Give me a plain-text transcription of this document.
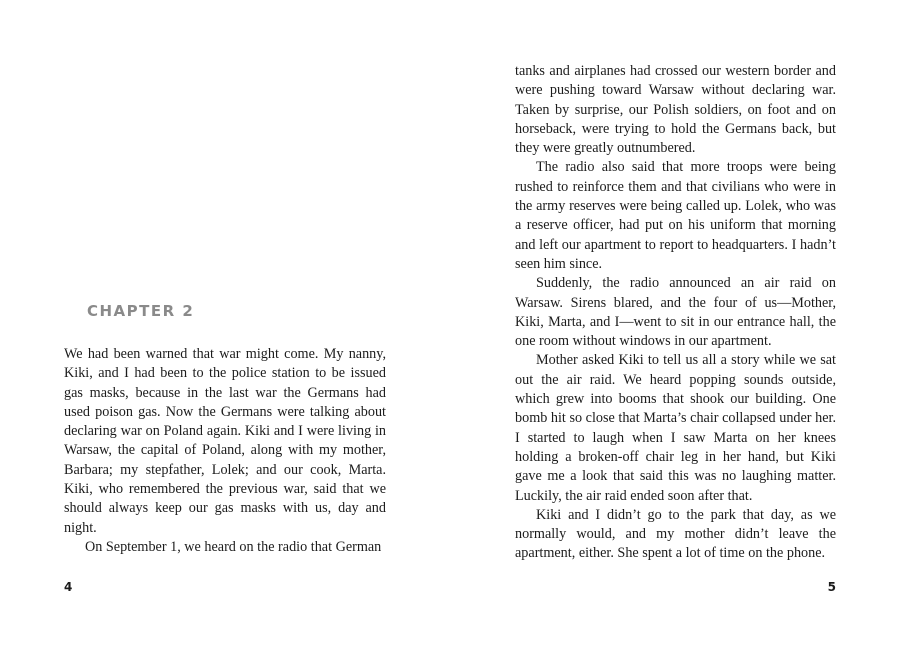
CHAPTER 2

We had been warned that war might come. My nanny, Kiki, and I had been to the police station to be issued gas masks, because in the last war the Germans had used poison gas. Now the Germans were talking about declaring war on Poland again. Kiki and I were living in Warsaw, the capital of Poland, along with my mother, Barbara; my stepfather, Lolek; and our cook, Marta. Kiki, who remembered the previous war, said that we should always keep our gas masks with us, day and night.

On September 1, we heard on the radio that German

4

tanks and airplanes had crossed our western border and were pushing toward Warsaw without declaring war. Taken by surprise, our Polish soldiers, on foot and on horseback, were trying to hold the Germans back, but they were greatly outnumbered.

The radio also said that more troops were being rushed to reinforce them and that civilians who were in the army reserves were being called up. Lolek, who was a reserve officer, had put on his uniform that morning and left our apartment to report to headquarters. I hadn’t seen him since.

Suddenly, the radio announced an air raid on Warsaw. Sirens blared, and the four of us—Mother, Kiki, Marta, and I—went to sit in our entrance hall, the one room without windows in our apartment.

Mother asked Kiki to tell us all a story while we sat out the air raid. We heard popping sounds outside, which grew into booms that shook our building. One bomb hit so close that Marta’s chair collapsed under her. I started to laugh when I saw Marta on her knees holding a broken-off chair leg in her hand, but Kiki gave me a look that said this was no laughing matter. Luckily, the air raid ended soon after that.

Kiki and I didn’t go to the park that day, as we normally would, and my mother didn’t leave the apartment, either. She spent a lot of time on the phone.

5
